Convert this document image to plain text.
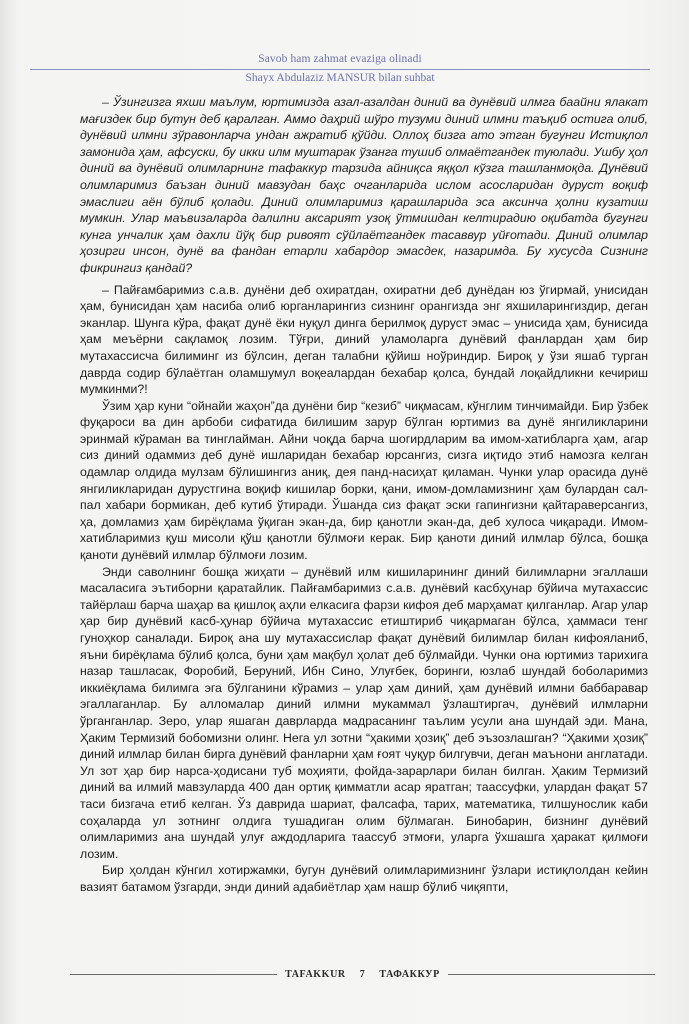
Savob ham zahmat evaziga olinadi
Shayx Abdulaziz MANSUR bilan suhbat

– Ўзингизга яхши маълум, юртимизда азал-азалдан диний ва дунёвий илмга баайни ялакат мағиздек бир бутун деб қаралган. Аммо даҳрий шўро тузуми диний илмни таъқиб остига олиб, дунёвий илмни зўравонларча ундан ажратиб қўйди. Оллоҳ бизга ато этган бугунги Истиқлол замонида ҳам, афсуски, бу икки илм муштарак ўзанга тушиб олмаётгандек туюлади. Ушбу ҳол диний ва дунёвий олимларнинг тафаккур тарзида айниқса яққол кўзга ташланмоқда. Дунёвий олимларимиз баъзан диний мавзудан баҳс очганларида ислом асосларидан дуруст воқиф эмаслиги аён бўлиб қолади. Диний олимларимиз қарашларида эса аксинча ҳолни кузатиш мумкин. Улар маъвизаларда далилни аксарият узоқ ўтмишдан келтирадию оқибатда бугунги кунга унчалик ҳам дахли йўқ бир ривоят сўйлаётгандек тасаввур уйғотади. Диний олимлар ҳозирги инсон, дунё ва фандан етарли хабардор эмасдек, назаримда. Бу хусусда Сизнинг фикрингиз қандай?

– Пайғамбаримиз с.а.в. дунёни деб охиратдан, охиратни деб дунёдан юз ўгирмай, унисидан ҳам, бунисидан ҳам насиба олиб юрганларингиз сизнинг орангизда энг яхшиларингиздир, деган эканлар. Шунга кўра, фақат дунё ёки нуқул динга берилмоқ дуруст эмас – унисида ҳам, бунисида ҳам меъёрни сақламоқ лозим. Тўғри, диний уламоларга дунёвий фанлардан ҳам бир мутахассисча билиминг из бўлсин, деган талабни қўйиш ноўриндир. Бироқ у ўзи яшаб турган даврда содир бўлаётган оламшумул воқеалардан бехабар қолса, бундай лоқайдликни кечириш мумкинми?!

Ўзим ҳар куни “ойнайи жаҳон”да дунёни бир “кезиб” чиқмасам, кўнглим тинчимайди. Бир ўзбек фуқароси ва дин арбоби сифатида билишим зарур бўлган юртимиз ва дунё янгиликларини эринмай кўраман ва тинглайман. Айни чоқда барча шогирдларим ва имом-хатибларга ҳам, агар сиз диний одаммиз деб дунё ишларидан бехабар юрсангиз, сизга иқтидо этиб намозга келган одамлар олдида мулзам бўлишингиз аниқ, дея панд-насиҳат қиламан. Чунки улар орасида дунё янгиликларидан дурустгина воқиф кишилар борки, қани, имом-домламизнинг ҳам булардан сал-пал хабари бормикан, деб кутиб ўтиради. Ўшанда сиз фақат эски гапингизни қайтараверсангиз, ҳа, домламиз ҳам бирёқлама ўқиган экан-да, бир қанотли экан-да, деб хулоса чиқаради. Имом-хатибларимиз қуш мисоли қўш қанотли бўлмоғи керак. Бир қаноти диний илмлар бўлса, бошқа қаноти дунёвий илмлар бўлмоғи лозим.

Энди саволнинг бошқа жиҳати – дунёвий илм кишиларининг диний билимларни эгаллаши масаласига эътиборни қаратайлик. Пайғамбаримиз с.а.в. дунёвий касбҳунар бўйича мутахассис тайёрлаш барча шаҳар ва қишлоқ аҳли елкасига фарзи кифоя деб марҳамат қилганлар. Агар улар ҳар бир дунёвий касб-ҳунар бўйича мутахассис етиштириб чиқармаган бўлса, ҳаммаси тенг гуноҳкор саналади. Бироқ ана шу мутахассислар фақат дунёвий билимлар билан кифояланиб, яъни бирёқлама бўлиб қолса, буни ҳам мақбул ҳолат деб бўлмайди. Чунки она юртимиз тарихига назар ташласак, Форобий, Беруний, Ибн Сино, Улуғбек, боринги, юзлаб шундай боболаримиз иккиёқлама билимга эга бўлганини кўрамиз – улар ҳам диний, ҳам дунёвий илмни баббаравар эгаллаганлар. Бу алломалар диний илмни мукаммал ўзлаштиргач, дунёвий илмларни ўрганганлар. Зеро, улар яшаган даврларда мадрасанинг таълим усули ана шундай эди. Мана, Ҳаким Термизий бобомизни олинг. Нега ул зотни “ҳакими ҳозиқ” деб эъзозлашган? “Ҳакими ҳозиқ” диний илмлар билан бирга дунёвий фанларни ҳам ғоят чуқур билгувчи, деган маънони англатади. Ул зот ҳар бир нарса-ҳодисани туб моҳияти, фойда-зарарлари билан билган. Ҳаким Термизий диний ва илмий мавзуларда 400 дан ортиқ қимматли асар яратган; таассуфки, улардан фақат 57 таси бизгача етиб келган. Ўз даврида шариат, фалсафа, тарих, математика, тилшунослик каби соҳаларда ул зотнинг олдига тушадиган олим бўлмаган. Бинобарин, бизнинг дунёвий олимларимиз ана шундай улуғ аждодларига таассуб этмоғи, уларга ўхшашга ҳаракат қилмоғи лозим.

Бир ҳолдан кўнгил хотиржамки, бугун дунёвий олимларимизнинг ўзлари истиқлолдан кейин вазият батамом ўзгарди, энди диний адабиётлар ҳам нашр бўлиб чиқяпти,

TAFAKKUR	7	ТАФАККУР
